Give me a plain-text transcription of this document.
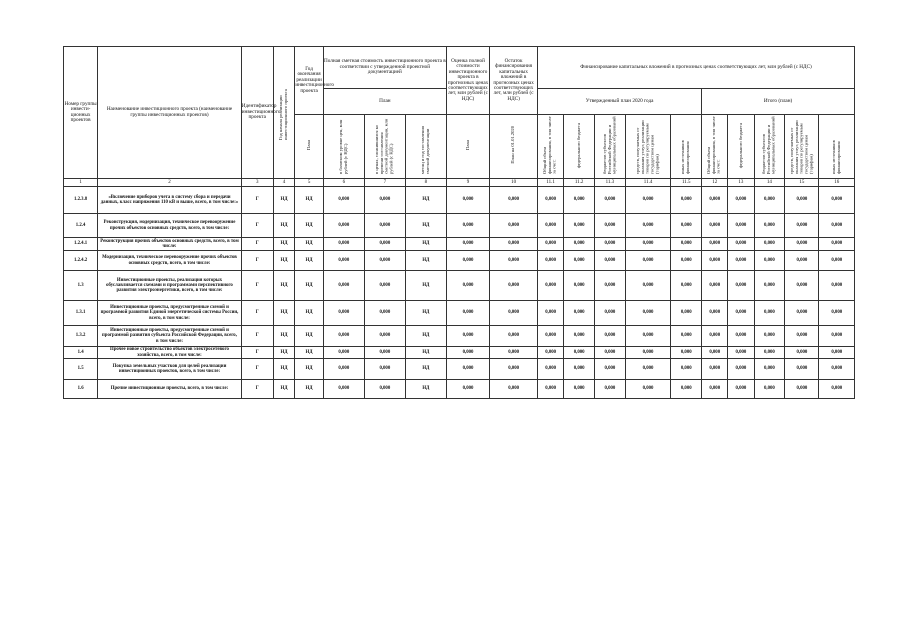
Номер группы инвести-ционных проектов	Наименование инвестиционного проекта (наименование группы инвестиционных проектов)	Идентификатор инвестиционного проекта	Год начала реализации инвестиционного проекта	Год окончания реализации инвестиционного проекта	Полная сметная стоимость инвестиционного проекта в соответствии с утвержденной проектной документацией			Оценка полной стоимости инвестиционного проекта в прогнозных ценах соответствующих лет, млн рублей (с НДС)	Остаток финансирования капитальных вложений в прогнозных ценах соответствующих лет, млн рублей (с НДС)	Финансирование капитальных вложений в прогнозных ценах соответствующих лет, млн рублей (с НДС)									
					План					Утвержденный план 2020 года					Итого (план)				
				План	в базисном уровне цен, млн рублей (с НДС)	в ценах, сложившихся ко времени составления сметной документации, млн рублей (с НДС)	месяц и год составления сметной документации	План	План на 01.01.2020	Общий объем финансирования, в том числе за счет:	федерального бюджета	бюджетов субъектов Российской Федерации и муниципальных образований	средств, получаемых от оказания услуг, реализации товаров по регулируемым государством ценам (тарифам)	иных источников финансирования	Общий объем финансирования, в том числе за счет:	федерального бюджета	бюджетов субъектов Российской Федерации и муниципальных образований	средств, получаемых от оказания услуг, реализации товаров по регулируемым государством ценам (тарифам)	иных источников финансирования
1	2	3	4	5	6	7	8	9	10	11.1	11.2	11.3	11.4	11.5	12	13	14	15	16
1.2.3.8	«Включение приборов учета в систему сбора и передачи данных, класс напряжения 110 кВ и выше, всего, в том числе:»	Г	НД	НД	0,000	0,000	НД	0,000	0,000	0,000	0,000	0,000	0,000	0,000	0,000	0,000	0,000	0,000	0,000
1.2.4	Реконструкция, модернизация, техническое перевооружение прочих объектов основных средств, всего, в том числе:	Г	НД	НД	0,000	0,000	НД	0,000	0,000	0,000	0,000	0,000	0,000	0,000	0,000	0,000	0,000	0,000	0,000
1.2.4.1	Реконструкция прочих объектов основных средств, всего, в том числе:	Г	НД	НД	0,000	0,000	НД	0,000	0,000	0,000	0,000	0,000	0,000	0,000	0,000	0,000	0,000	0,000	0,000
1.2.4.2	Модернизация, техническое перевооружение прочих объектов основных средств, всего, в том числе:	Г	НД	НД	0,000	0,000	НД	0,000	0,000	0,000	0,000	0,000	0,000	0,000	0,000	0,000	0,000	0,000	0,000
1.3	Инвестиционные проекты, реализация которых обуславливается схемами и программами перспективного развития электроэнергетики, всего, в том числе:	Г	НД	НД	0,000	0,000	НД	0,000	0,000	0,000	0,000	0,000	0,000	0,000	0,000	0,000	0,000	0,000	0,000
1.3.1	Инвестиционные проекты, предусмотренные схемой и программой развития Единой энергетической системы России, всего, в том числе:	Г	НД	НД	0,000	0,000	НД	0,000	0,000	0,000	0,000	0,000	0,000	0,000	0,000	0,000	0,000	0,000	0,000
1.3.2	Инвестиционные проекты, предусмотренные схемой и программой развития субъекта Российской Федерации, всего, в том числе:	Г	НД	НД	0,000	0,000	НД	0,000	0,000	0,000	0,000	0,000	0,000	0,000	0,000	0,000	0,000	0,000	0,000
1.4	Прочее новое строительство объектов электросетевого хозяйства, всего, в том числе:	Г	НД	НД	0,000	0,000	НД	0,000	0,000	0,000	0,000	0,000	0,000	0,000	0,000	0,000	0,000	0,000	0,000
1.5	Покупка земельных участков для целей реализации инвестиционных проектов, всего, в том числе:	Г	НД	НД	0,000	0,000	НД	0,000	0,000	0,000	0,000	0,000	0,000	0,000	0,000	0,000	0,000	0,000	0,000
1.6	Прочие инвестиционные проекты, всего, в том числе:	Г	НД	НД	0,000	0,000	НД	0,000	0,000	0,000	0,000	0,000	0,000	0,000	0,000	0,000	0,000	0,000	0,000
